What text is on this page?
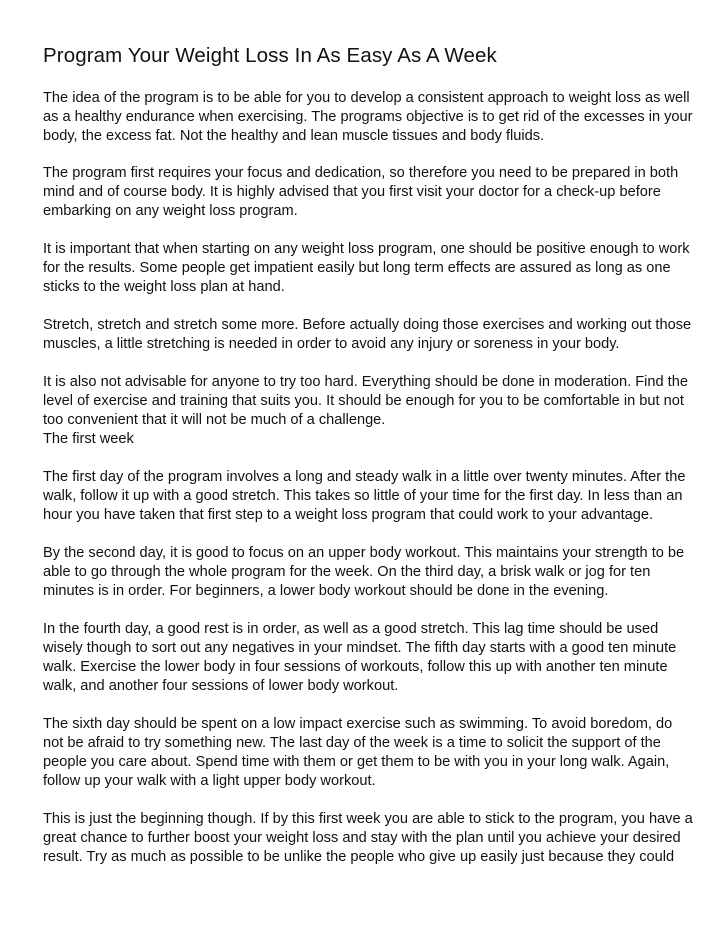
Program Your Weight Loss In As Easy As A Week

The idea of the program is to be able for you to develop a consistent approach to weight loss as well

as a healthy endurance when exercising. The programs objective is to get rid of the excesses in your

body, the excess fat. Not the healthy and lean muscle tissues and body fluids.

The program first requires your focus and dedication, so therefore you need to be prepared in both

mind and of course body. It is highly advised that you first visit your doctor for a check-up before

embarking on any weight loss program.

It is important that when starting on any weight loss program, one should be positive enough to work

for the results. Some people get impatient easily but long term effects are assured as long as one

sticks to the weight loss plan at hand.

Stretch, stretch and stretch some more. Before actually doing those exercises and working out those

muscles, a little stretching is needed in order to avoid any injury or soreness in your body.

It is also not advisable for anyone to try too hard. Everything should be done in moderation. Find the

level of exercise and training that suits you. It should be enough for you to be comfortable in but not

too convenient that it will not be much of a challenge.

The first week

The first day of the program involves a long and steady walk in a little over twenty minutes. After the

walk, follow it up with a good stretch. This takes so little of your time for the first day. In less than an

hour you have taken that first step to a weight loss program that could work to your advantage.

By the second day, it is good to focus on an upper body workout. This maintains your strength to be

able to go through the whole program for the week. On the third day, a brisk walk or jog for ten

minutes is in order. For beginners, a lower body workout should be done in the evening.

In the fourth day, a good rest is in order, as well as a good stretch. This lag time should be used

wisely though to sort out any negatives in your mindset. The fifth day starts with a good ten minute

walk. Exercise the lower body in four sessions of workouts, follow this up with another ten minute

walk, and another four sessions of lower body workout.

The sixth day should be spent on a low impact exercise such as swimming. To avoid boredom, do

not be afraid to try something new. The last day of the week is a time to solicit the support of the

people you care about. Spend time with them or get them to be with you in your long walk. Again,

follow up your walk with a light upper body workout.

This is just the beginning though. If by this first week you are able to stick to the program, you have a

great chance to further boost your weight loss and stay with the plan until you achieve your desired

result. Try as much as possible to be unlike the people who give up easily just because they could
